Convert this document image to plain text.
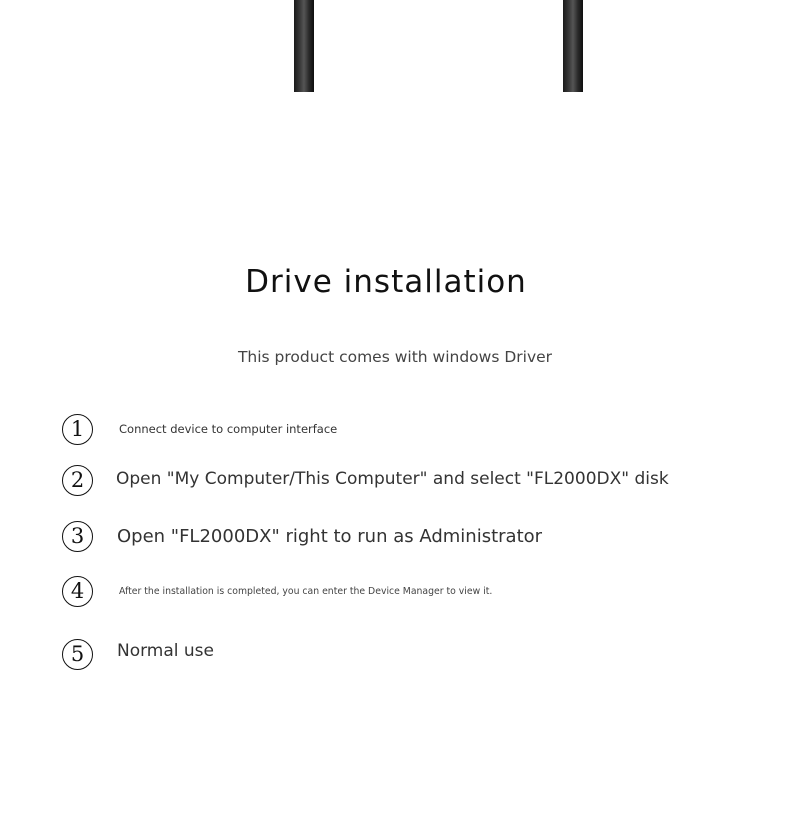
Drive installation
This product comes with windows Driver
1	Connect device to computer interface
2	Open "My Computer/This Computer" and select "FL2000DX" disk
3	Open "FL2000DX" right to run as Administrator
4	After the installation is completed, you can enter the Device Manager to view it.
5	Normal use
